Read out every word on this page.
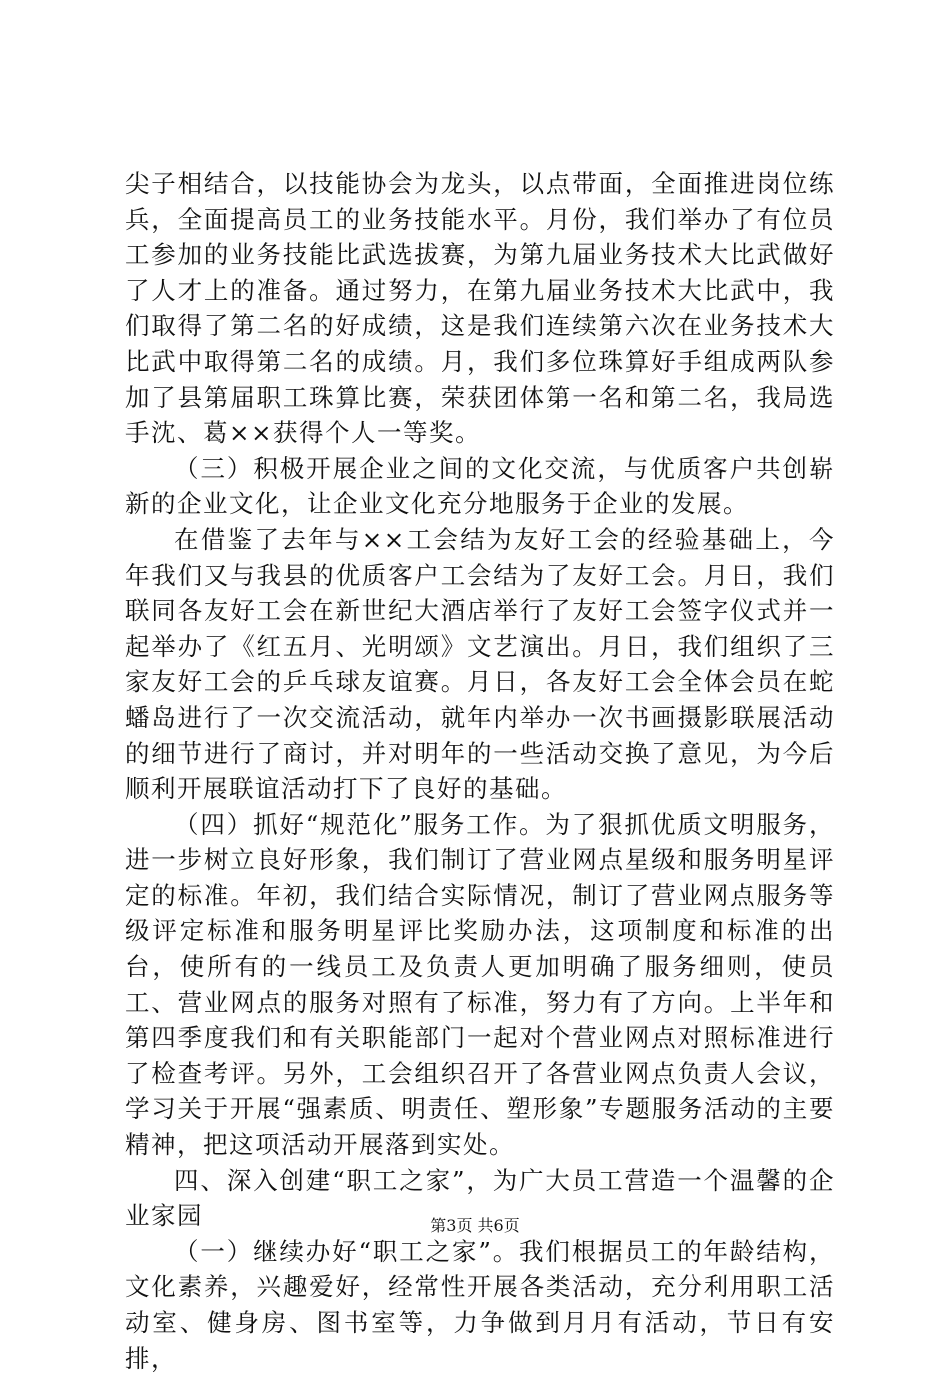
尖子相结合，以技能协会为龙头，以点带面，全面推进岗位练兵，全面提高员工的业务技能水平。月份，我们举办了有位员工参加的业务技能比武选拔赛，为第九届业务技术大比武做好了人才上的准备。通过努力，在第九届业务技术大比武中，我们取得了第二名的好成绩，这是我们连续第六次在业务技术大比武中取得第二名的成绩。月，我们多位珠算好手组成两队参加了县第届职工珠算比赛，荣获团体第一名和第二名，我局选手沈、葛××获得个人一等奖。

（三）积极开展企业之间的文化交流，与优质客户共创崭新的企业文化，让企业文化充分地服务于企业的发展。

在借鉴了去年与××工会结为友好工会的经验基础上，今年我们又与我县的优质客户工会结为了友好工会。月日，我们联同各友好工会在新世纪大酒店举行了友好工会签字仪式并一起举办了《红五月、光明颂》文艺演出。月日，我们组织了三家友好工会的乒乓球友谊赛。月日，各友好工会全体会员在蛇蟠岛进行了一次交流活动，就年内举办一次书画摄影联展活动的细节进行了商讨，并对明年的一些活动交换了意见，为今后顺利开展联谊活动打下了良好的基础。

（四）抓好“规范化”服务工作。为了狠抓优质文明服务，进一步树立良好形象，我们制订了营业网点星级和服务明星评定的标准。年初，我们结合实际情况，制订了营业网点服务等级评定标准和服务明星评比奖励办法，这项制度和标准的出台，使所有的一线员工及负责人更加明确了服务细则，使员工、营业网点的服务对照有了标准，努力有了方向。上半年和第四季度我们和有关职能部门一起对个营业网点对照标准进行了检查考评。另外，工会组织召开了各营业网点负责人会议，学习关于开展“强素质、明责任、塑形象”专题服务活动的主要精神，把这项活动开展落到实处。

四、深入创建“职工之家”，为广大员工营造一个温馨的企业家园

（一）继续办好“职工之家”。我们根据员工的年龄结构，文化素养，兴趣爱好，经常性开展各类活动，充分利用职工活动室、健身房、图书室等，力争做到月月有活动，节日有安排，

第3页 共6页
